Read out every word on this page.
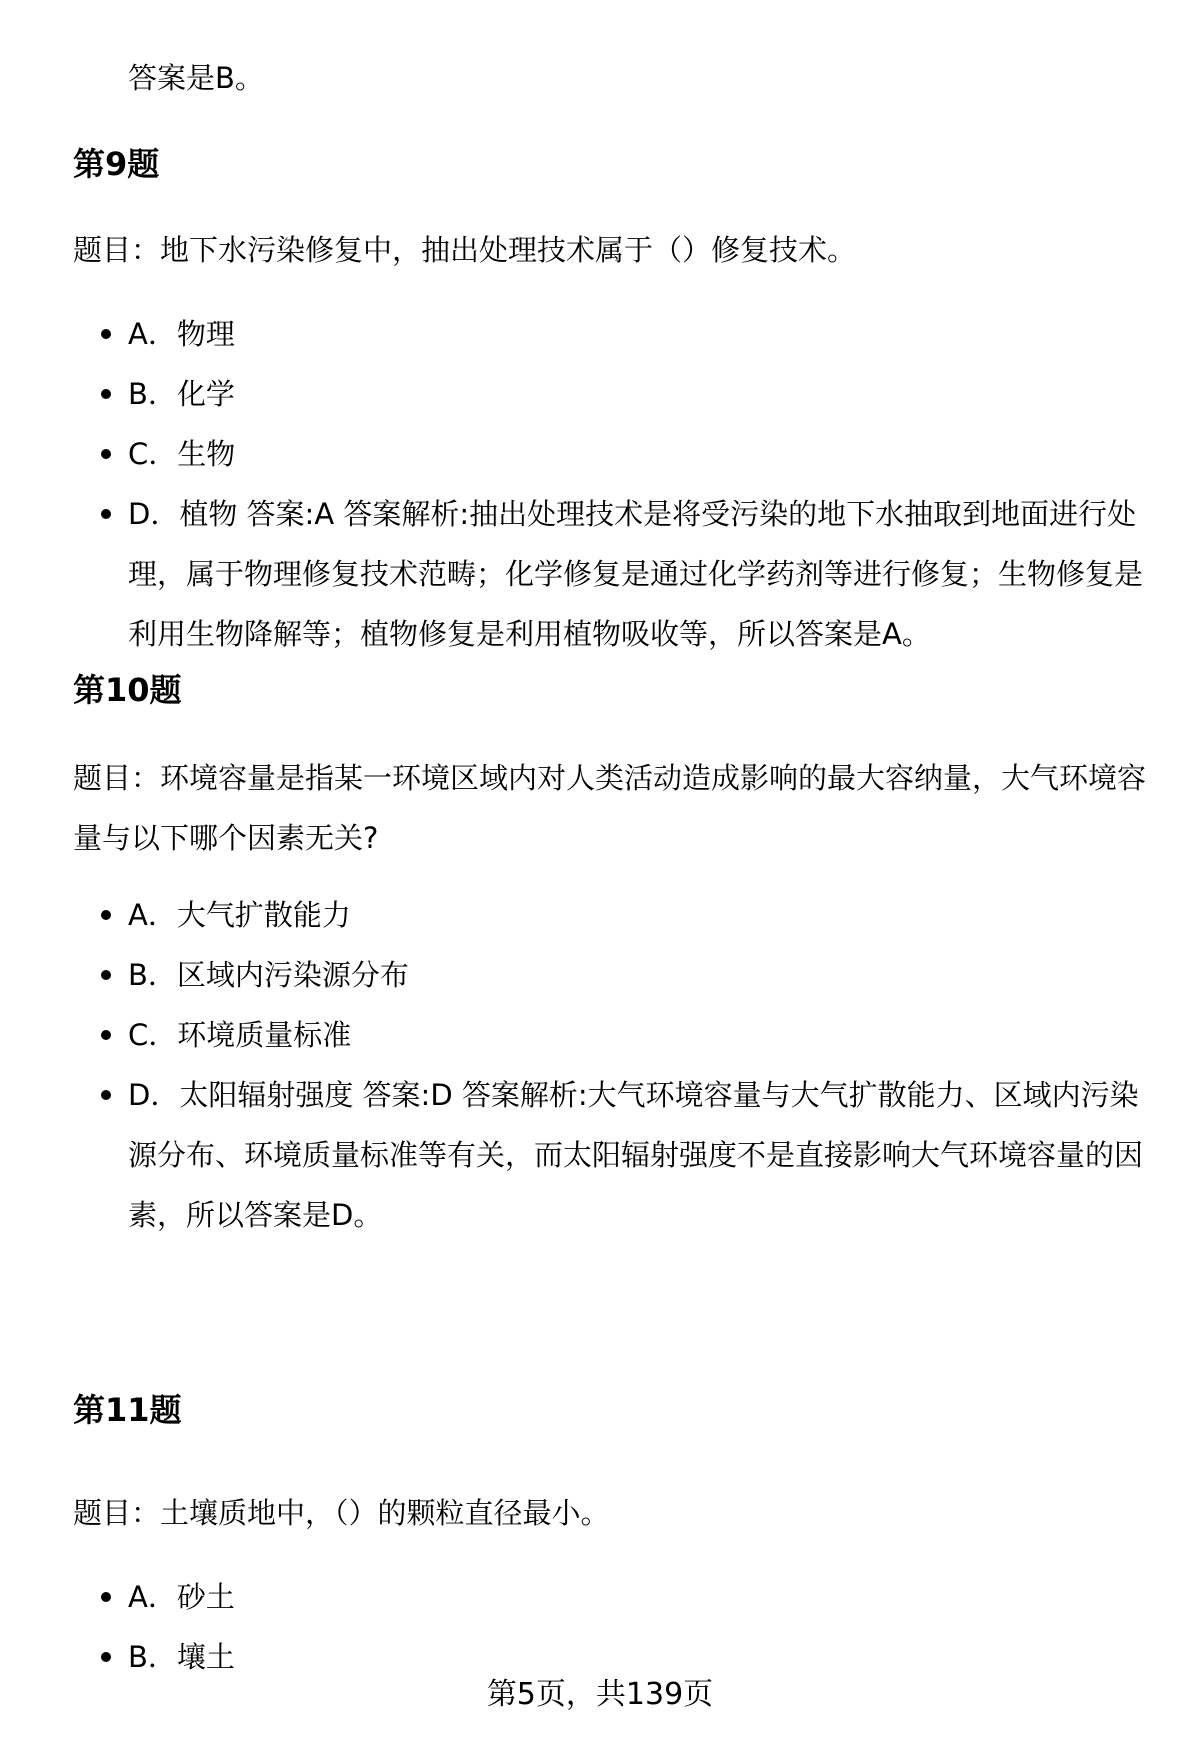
答案是B。

第9题

题目：地下水污染修复中，抽出处理技术属于（）修复技术。

A．物理
B．化学
C．生物
D．植物 答案:A 答案解析:抽出处理技术是将受污染的地下水抽取到地面进行处理，属于物理修复技术范畴；化学修复是通过化学药剂等进行修复；生物修复是利用生物降解等；植物修复是利用植物吸收等，所以答案是A。
第10题

题目：环境容量是指某一环境区域内对人类活动造成影响的最大容纳量，大气环境容量与以下哪个因素无关?

A．大气扩散能力
B．区域内污染源分布
C．环境质量标准
D．太阳辐射强度 答案:D 答案解析:大气环境容量与大气扩散能力、区域内污染源分布、环境质量标准等有关，而太阳辐射强度不是直接影响大气环境容量的因素，所以答案是D。
第11题

题目：土壤质地中，（）的颗粒直径最小。

A．砂土
B．壤土

第5页，共139页
